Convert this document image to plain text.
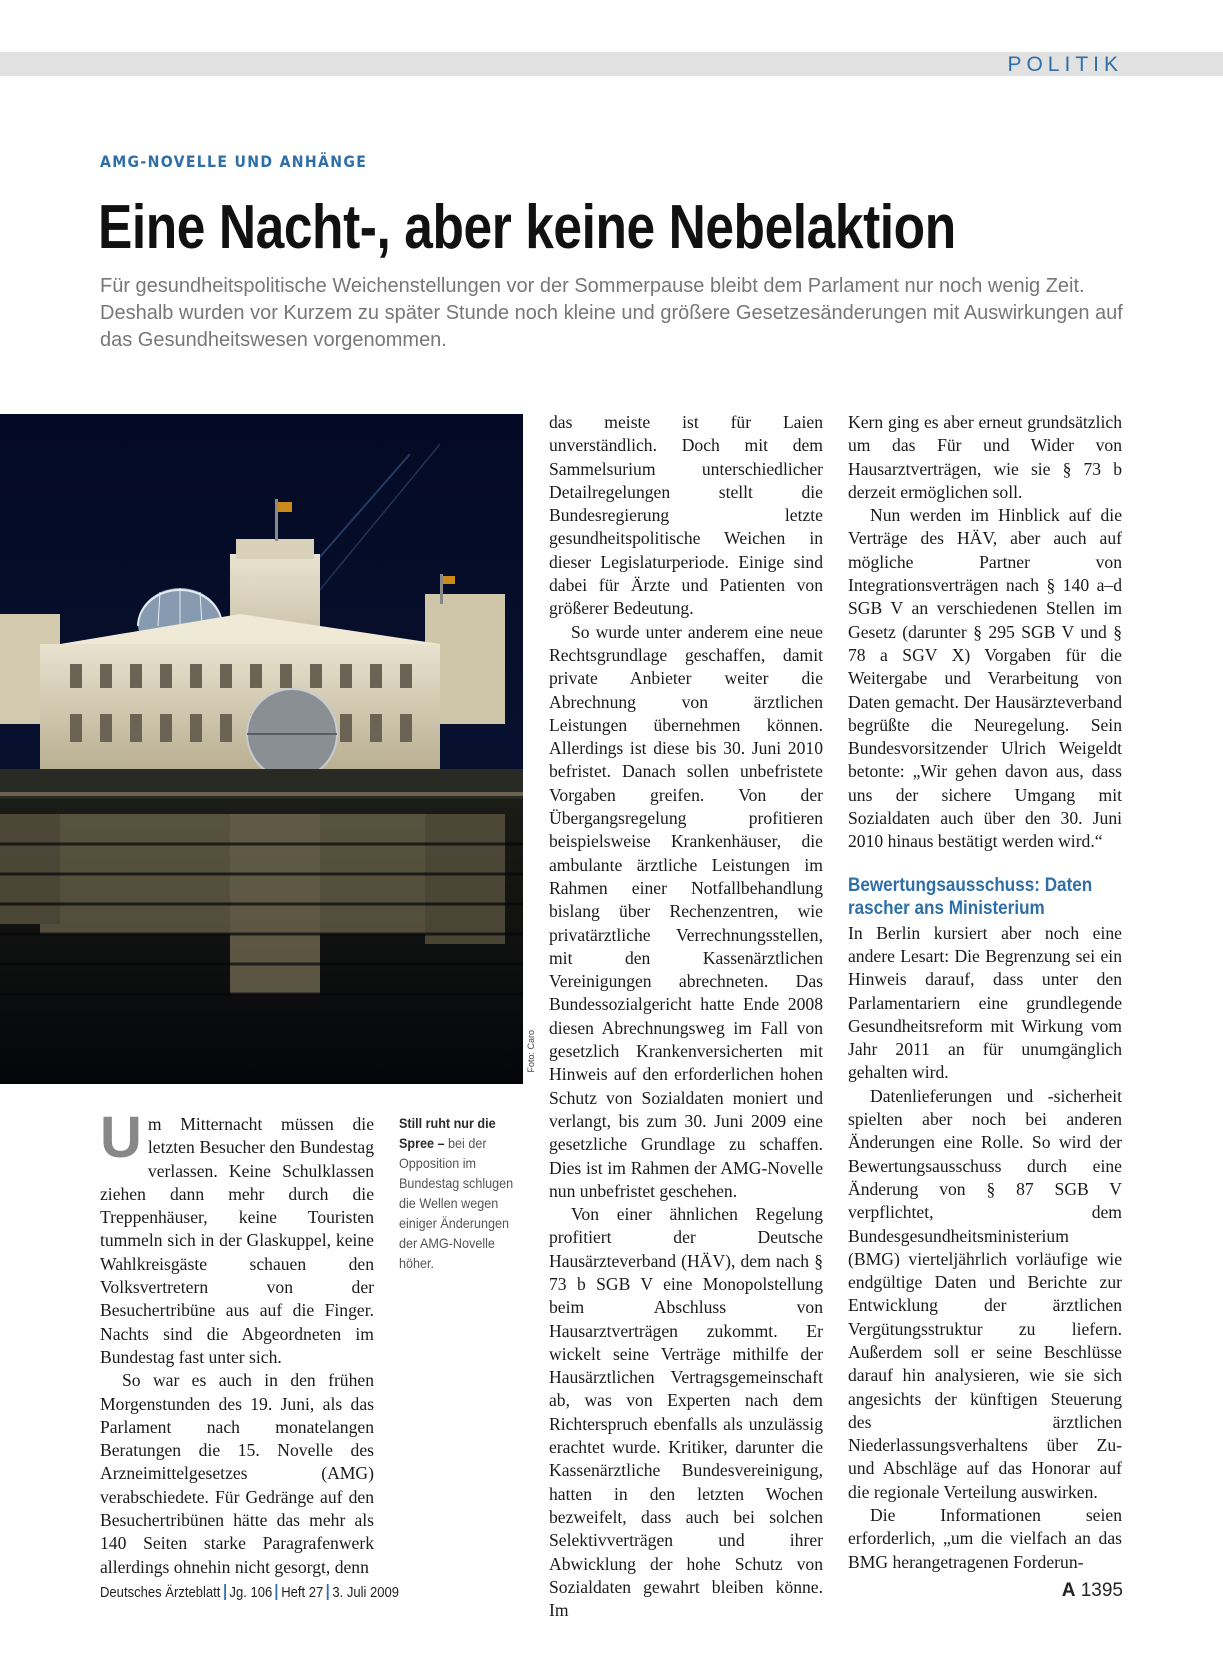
POLITIK
AMG-NOVELLE UND ANHÄNGE
Eine Nacht-, aber keine Nebelaktion
Für gesundheitspolitische Weichenstellungen vor der Sommerpause bleibt dem Parlament nur noch wenig Zeit. Deshalb wurden vor Kurzem zu später Stunde noch kleine und größere Gesetzesänderungen mit Auswirkungen auf das Gesundheitswesen vorgenommen.
Foto: Caro

Um Mitternacht müssen die letzten Besucher den Bundestag verlassen. Keine Schulklassen ziehen dann mehr durch die Treppenhäuser, keine Touristen tummeln sich in der Glaskuppel, keine Wahlkreisgäste schauen den Volksvertretern von der Besuchertribüne aus auf die Finger. Nachts sind die Abgeordneten im Bundestag fast unter sich.

So war es auch in den frühen Morgenstunden des 19. Juni, als das Parlament nach monatelangen Beratungen die 15. Novelle des Arzneimittelgesetzes (AMG) verabschiedete. Für Gedränge auf den Besuchertribünen hätte das mehr als 140 Seiten starke Paragrafenwerk allerdings ohnehin nicht gesorgt, denn

Still ruht nur die Spree – bei der Opposition im Bundestag schlugen die Wellen wegen einiger Änderungen der AMG-Novelle höher.

das meiste ist für Laien unverständlich. Doch mit dem Sammelsurium unterschiedlicher Detailregelungen stellt die Bundesregierung letzte gesundheitspolitische Weichen in dieser Legislaturperiode. Einige sind dabei für Ärzte und Patienten von größerer Bedeutung.

So wurde unter anderem eine neue Rechtsgrundlage geschaffen, damit private Anbieter weiter die Abrechnung von ärztlichen Leistungen übernehmen können. Allerdings ist diese bis 30. Juni 2010 befristet. Danach sollen unbefristete Vorgaben greifen. Von der Übergangsregelung profitieren beispielsweise Krankenhäuser, die ambulante ärztliche Leistungen im Rahmen einer Notfallbehandlung bislang über Rechenzentren, wie privatärztliche Verrechnungsstellen, mit den Kassenärztlichen Vereinigungen abrechneten. Das Bundessozialgericht hatte Ende 2008 diesen Abrechnungsweg im Fall von gesetzlich Krankenversicherten mit Hinweis auf den erforderlichen hohen Schutz von Sozialdaten moniert und verlangt, bis zum 30. Juni 2009 eine gesetzliche Grundlage zu schaffen. Dies ist im Rahmen der AMG-Novelle nun unbefristet geschehen.

Von einer ähnlichen Regelung profitiert der Deutsche Hausärzteverband (HÄV), dem nach § 73 b SGB V eine Monopolstellung beim Abschluss von Hausarztverträgen zukommt. Er wickelt seine Verträge mithilfe der Hausärztlichen Vertragsgemeinschaft ab, was von Experten nach dem Richterspruch ebenfalls als unzulässig erachtet wurde. Kritiker, darunter die Kassenärztliche Bundesvereinigung, hatten in den letzten Wochen bezweifelt, dass auch bei solchen Selektivverträgen und ihrer Abwicklung der hohe Schutz von Sozialdaten gewahrt bleiben könne. Im

Kern ging es aber erneut grundsätzlich um das Für und Wider von Hausarztverträgen, wie sie § 73 b derzeit ermöglichen soll.

Nun werden im Hinblick auf die Verträge des HÄV, aber auch auf mögliche Partner von Integrationsverträgen nach § 140 a–d SGB V an verschiedenen Stellen im Gesetz (darunter § 295 SGB V und § 78 a SGV X) Vorgaben für die Weitergabe und Verarbeitung von Daten gemacht. Der Hausärzteverband begrüßte die Neuregelung. Sein Bundesvorsitzender Ulrich Weigeldt betonte: „Wir gehen davon aus, dass uns der sichere Umgang mit Sozialdaten auch über den 30. Juni 2010 hinaus bestätigt werden wird.“

Bewertungsausschuss: Daten rascher ans Ministerium

In Berlin kursiert aber noch eine andere Lesart: Die Begrenzung sei ein Hinweis darauf, dass unter den Parlamentariern eine grundlegende Gesundheitsreform mit Wirkung vom Jahr 2011 an für unumgänglich gehalten wird.

Datenlieferungen und -sicherheit spielten aber noch bei anderen Änderungen eine Rolle. So wird der Bewertungsausschuss durch eine Änderung von § 87 SGB V verpflichtet, dem Bundesgesundheitsministerium (BMG) vierteljährlich vorläufige wie endgültige Daten und Berichte zur Entwicklung der ärztlichen Vergütungsstruktur zu liefern. Außerdem soll er seine Beschlüsse darauf hin analysieren, wie sie sich angesichts der künftigen Steuerung des ärztlichen Niederlassungsverhaltens über Zu- und Abschläge auf das Honorar auf die regionale Verteilung auswirken.

Die Informationen seien erforderlich, „um die vielfach an das BMG herangetragenen Forderun-

Deutsches Ärzteblatt Jg. 106 Heft 27 3. Juli 2009	A 1395
